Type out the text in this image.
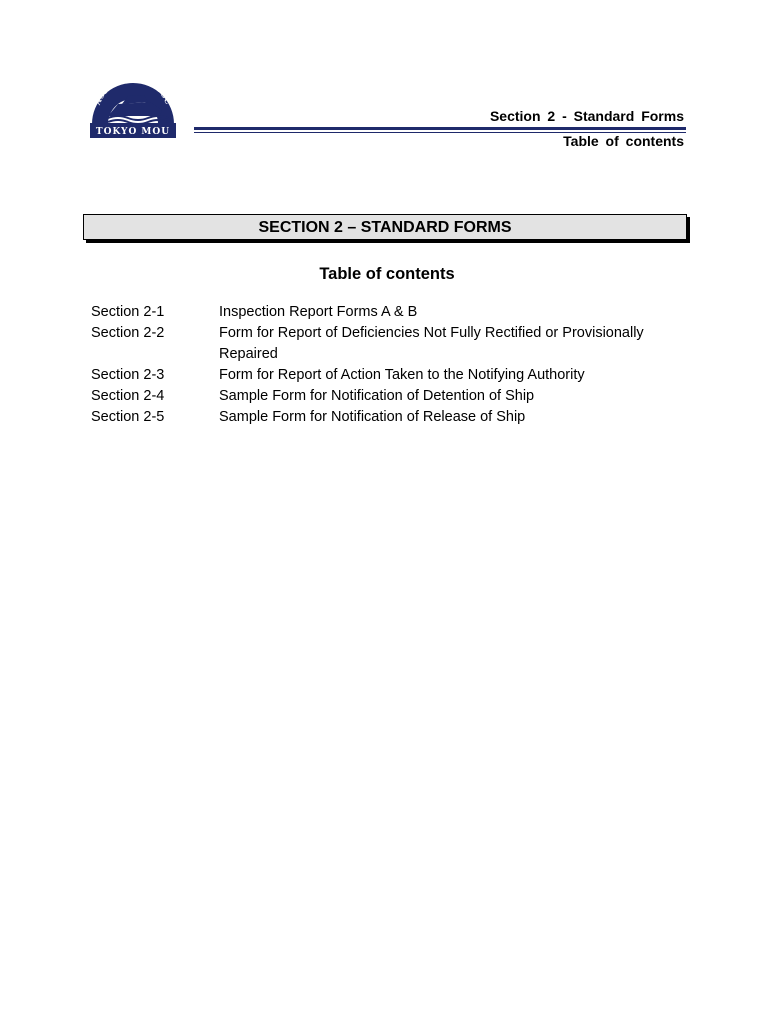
ASIA-P IC PSC
TOKYO MOU
Section 2 - Standard Forms
Table of contents
SECTION 2 – STANDARD FORMS
Table of contents
Section 2-1	Inspection Report Forms A & B
Section 2-2	Form for Report of Deficiencies Not Fully Rectified or Provisionally Repaired
Section 2-3	Form for Report of Action Taken to the Notifying Authority
Section 2-4	Sample Form for Notification of Detention of Ship
Section 2-5	Sample Form for Notification of Release of Ship
